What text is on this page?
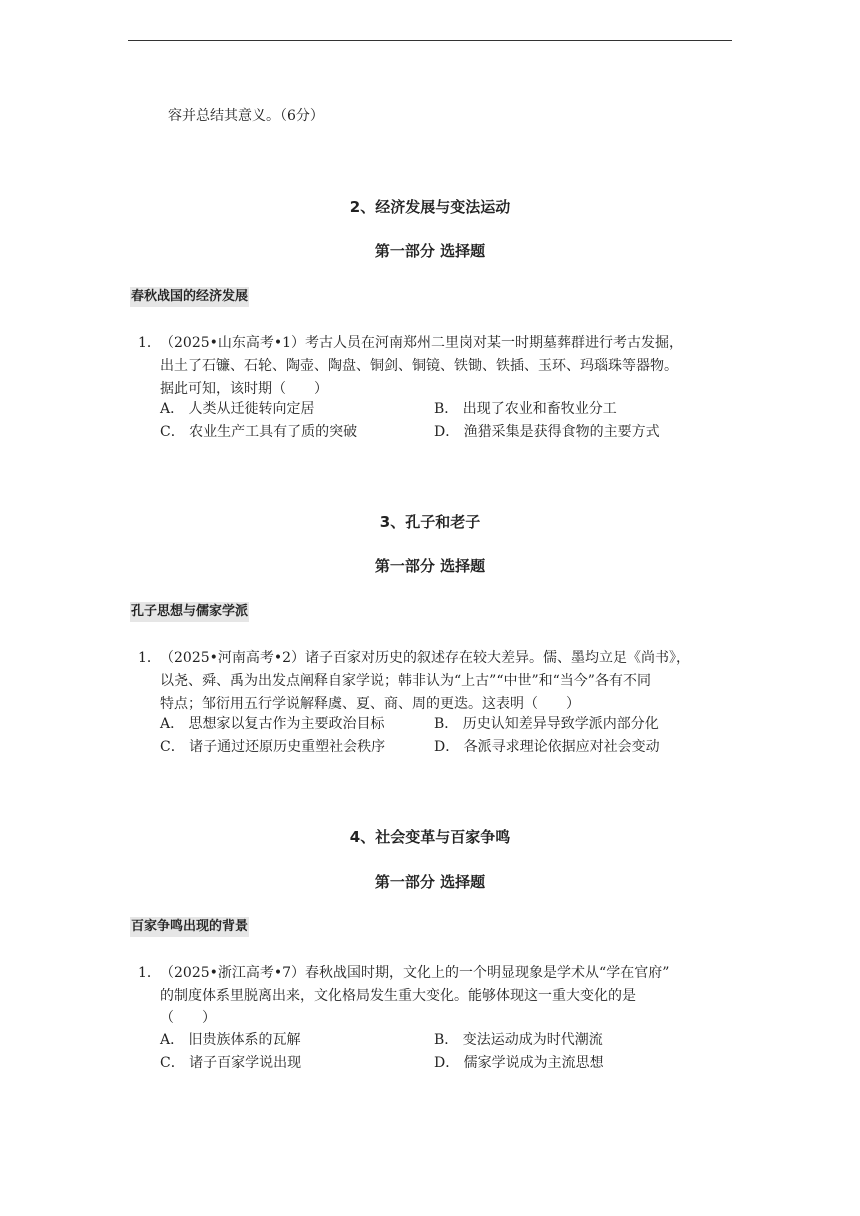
容并总结其意义。（6分）
2、经济发展与变法运动
第一部分 选择题
春秋战国的经济发展
1． （2025•山东高考•1）考古人员在河南郑州二里岗对某一时期墓葬群进行考古发掘，
出土了石镰、石轮、陶壶、陶盘、铜剑、铜镜、铁锄、铁插、玉环、玛瑙珠等器物。
据此可知，该时期（　　）
A． 人类从迁徙转向定居	B． 出现了农业和畜牧业分工
C． 农业生产工具有了质的突破	D． 渔猎采集是获得食物的主要方式
3、孔子和老子
第一部分 选择题
孔子思想与儒家学派
1． （2025•河南高考•2）诸子百家对历史的叙述存在较大差异。儒、墨均立足《尚书》，
以尧、舜、禹为出发点阐释自家学说；韩非认为“上古”“中世”和“当今”各有不同
特点；邹衍用五行学说解释虞、夏、商、周的更迭。这表明（　　）
A． 思想家以复古作为主要政治目标	B． 历史认知差异导致学派内部分化
C． 诸子通过还原历史重塑社会秩序	D． 各派寻求理论依据应对社会变动
4、社会变革与百家争鸣
第一部分 选择题
百家争鸣出现的背景
1． （2025•浙江高考•7）春秋战国时期，文化上的一个明显现象是学术从“学在官府”
的制度体系里脱离出来，文化格局发生重大变化。能够体现这一重大变化的是
（　　）
A． 旧贵族体系的瓦解	B． 变法运动成为时代潮流
C． 诸子百家学说出现	D． 儒家学说成为主流思想
